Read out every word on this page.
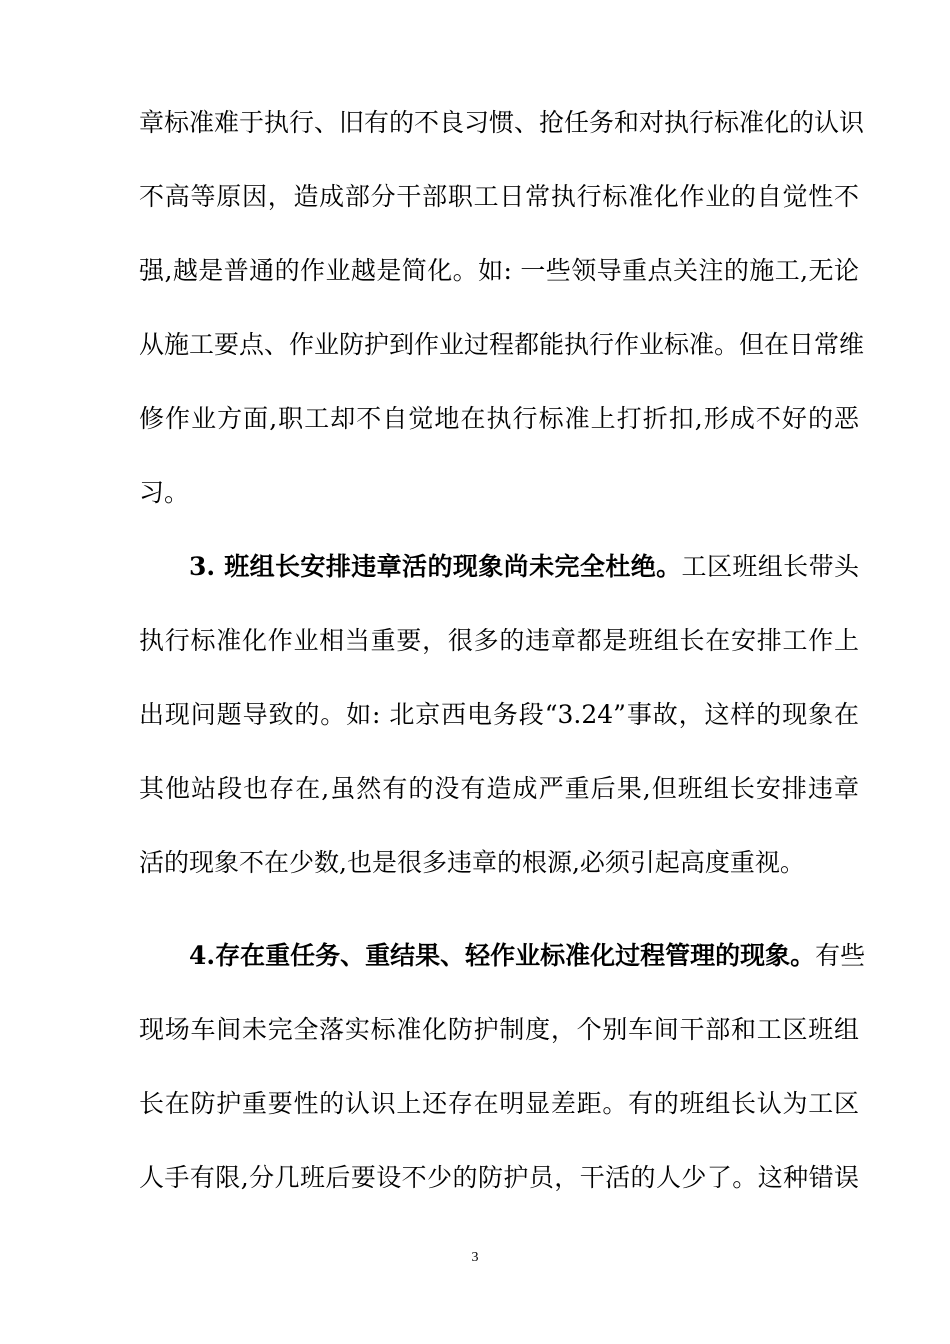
章标准难于执行、旧有的不良习惯、抢任务和对执行标准化的认识
不高等原因，造成部分干部职工日常执行标准化作业的自觉性不
强,越是普通的作业越是简化。如: 一些领导重点关注的施工,无论
从施工要点、作业防护到作业过程都能执行作业标准。但在日常维
修作业方面,职工却不自觉地在执行标准上打折扣,形成不好的恶
习。
3. 班组长安排违章活的现象尚未完全杜绝。工区班组长带头
执行标准化作业相当重要，很多的违章都是班组长在安排工作上
出现问题导致的。如: 北京西电务段“3.24”事故，这样的现象在
其他站段也存在,虽然有的没有造成严重后果,但班组长安排违章
活的现象不在少数,也是很多违章的根源,必须引起高度重视。
4.存在重任务、重结果、轻作业标准化过程管理的现象。有些
现场车间未完全落实标准化防护制度，个别车间干部和工区班组
长在防护重要性的认识上还存在明显差距。有的班组长认为工区
人手有限,分几班后要设不少的防护员，干活的人少了。这种错误
3
